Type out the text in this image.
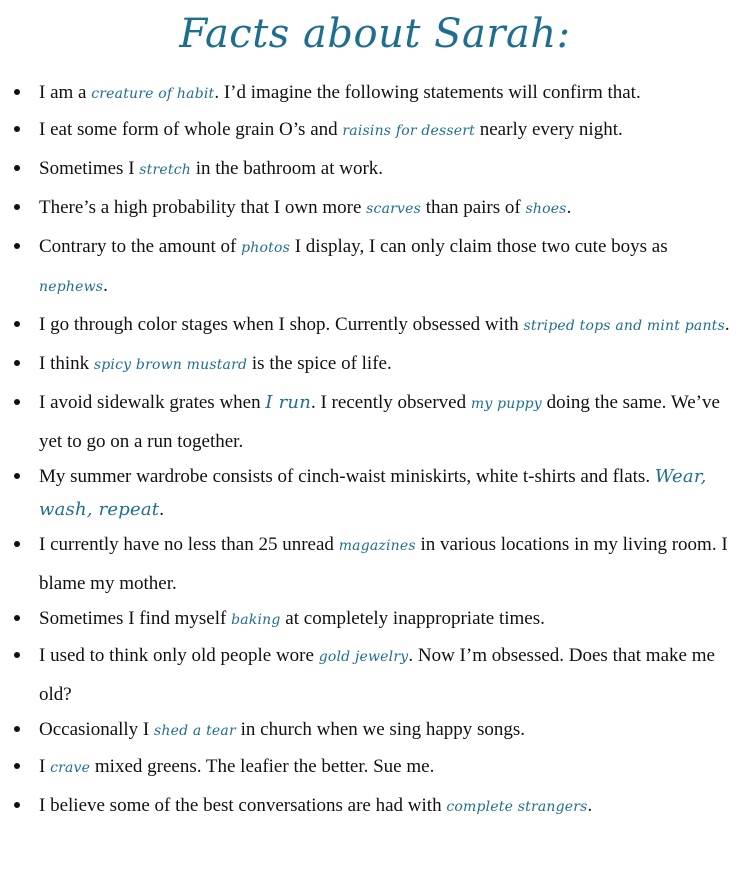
Facts about Sarah:
I am a creature of habit. I’d imagine the following statements will confirm that.
I eat some form of whole grain O’s and raisins for dessert nearly every night.
Sometimes I stretch in the bathroom at work.
There’s a high probability that I own more scarves than pairs of shoes.
Contrary to the amount of photos I display, I can only claim those two cute boys as nephews.
I go through color stages when I shop. Currently obsessed with striped tops and mint pants.
I think spicy brown mustard is the spice of life.
I avoid sidewalk grates when I run. I recently observed my puppy doing the same. We’ve yet to go on a run together.
My summer wardrobe consists of cinch-waist miniskirts, white t-shirts and flats. Wear, wash, repeat.
I currently have no less than 25 unread magazines in various locations in my living room. I blame my mother.
Sometimes I find myself baking at completely inappropriate times.
I used to think only old people wore gold jewelry. Now I’m obsessed. Does that make me old?
Occasionally I shed a tear in church when we sing happy songs.
I crave mixed greens. The leafier the better. Sue me.
I believe some of the best conversations are had with complete strangers.
